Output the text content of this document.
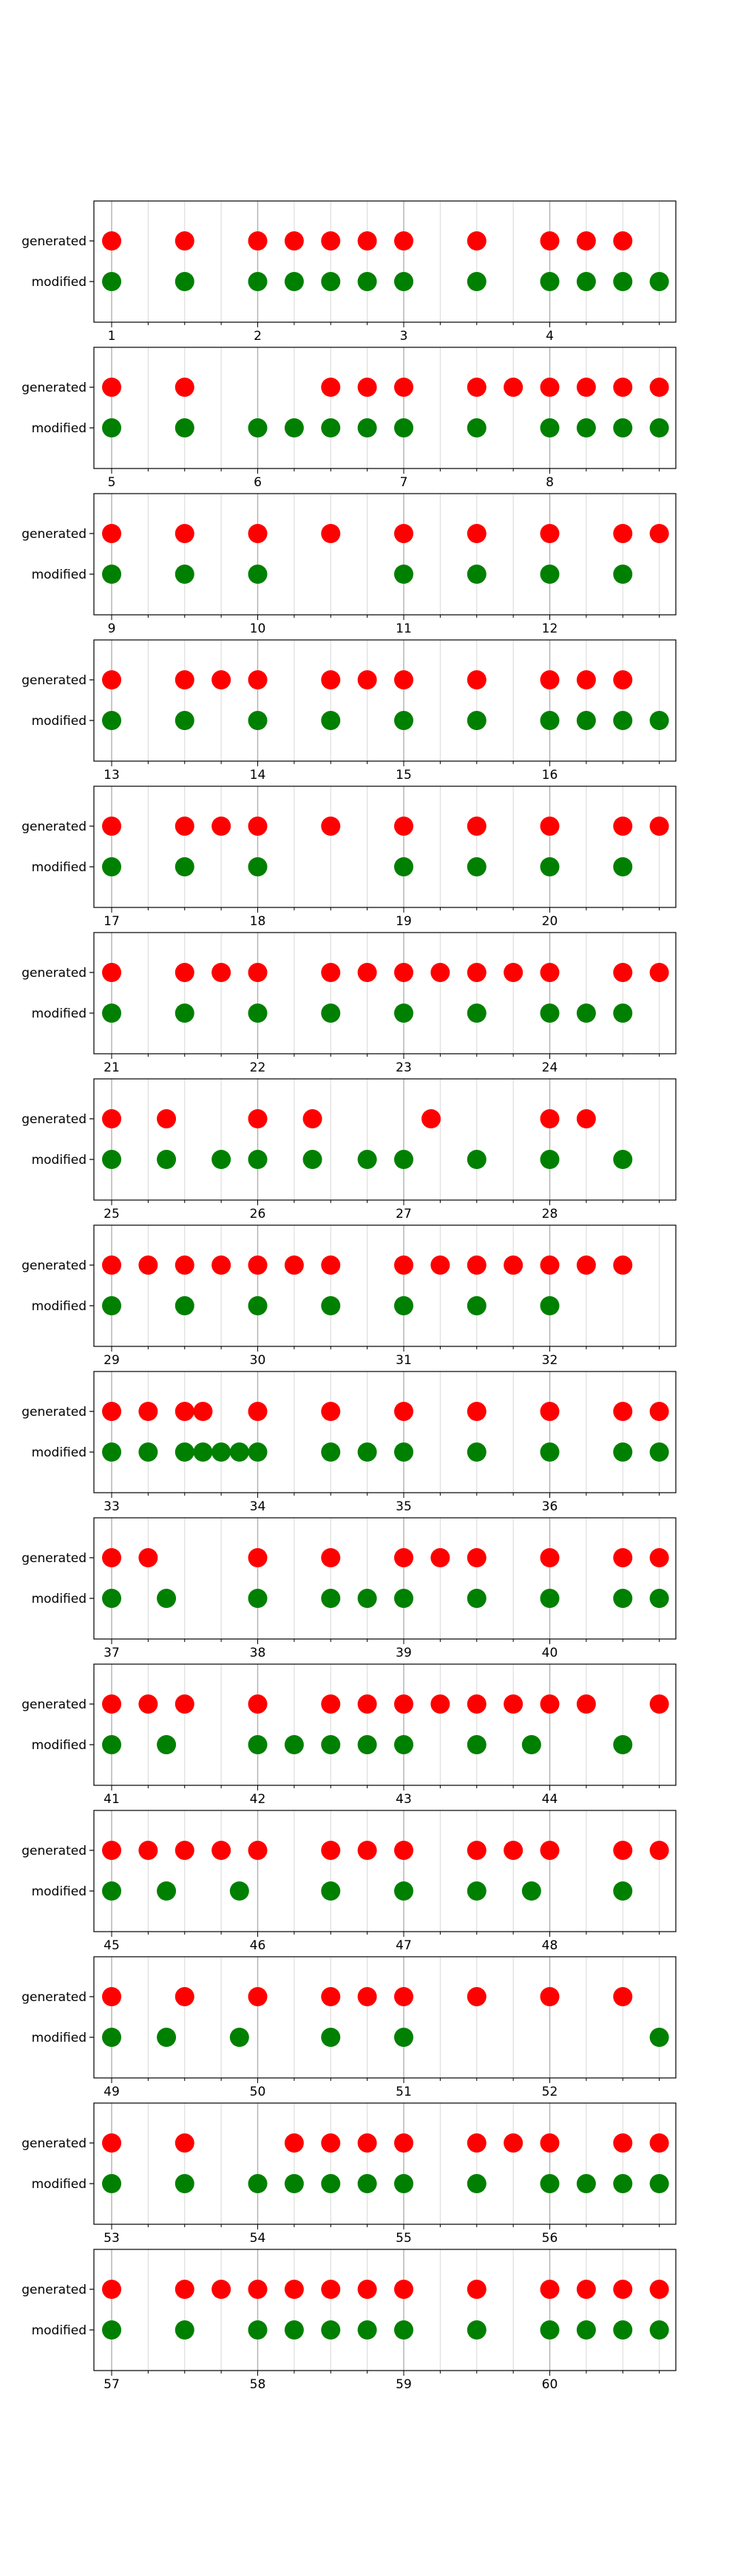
generated
modified
1	2	3	4
generated
modified
5	6	7	8
generated
modified
9	10	11	12
generated
modified
13	14	15	16
generated
modified
17	18	19	20
generated
modified
21	22	23	24
generated
modified
25	26	27	28
generated
modified
29	30	31	32
generated
modified
33	34	35	36
generated
modified
37	38	39	40
generated
modified
41	42	43	44
generated
modified
45	46	47	48
generated
modified
49	50	51	52
generated
modified
53	54	55	56
generated
modified
57	58	59	60
